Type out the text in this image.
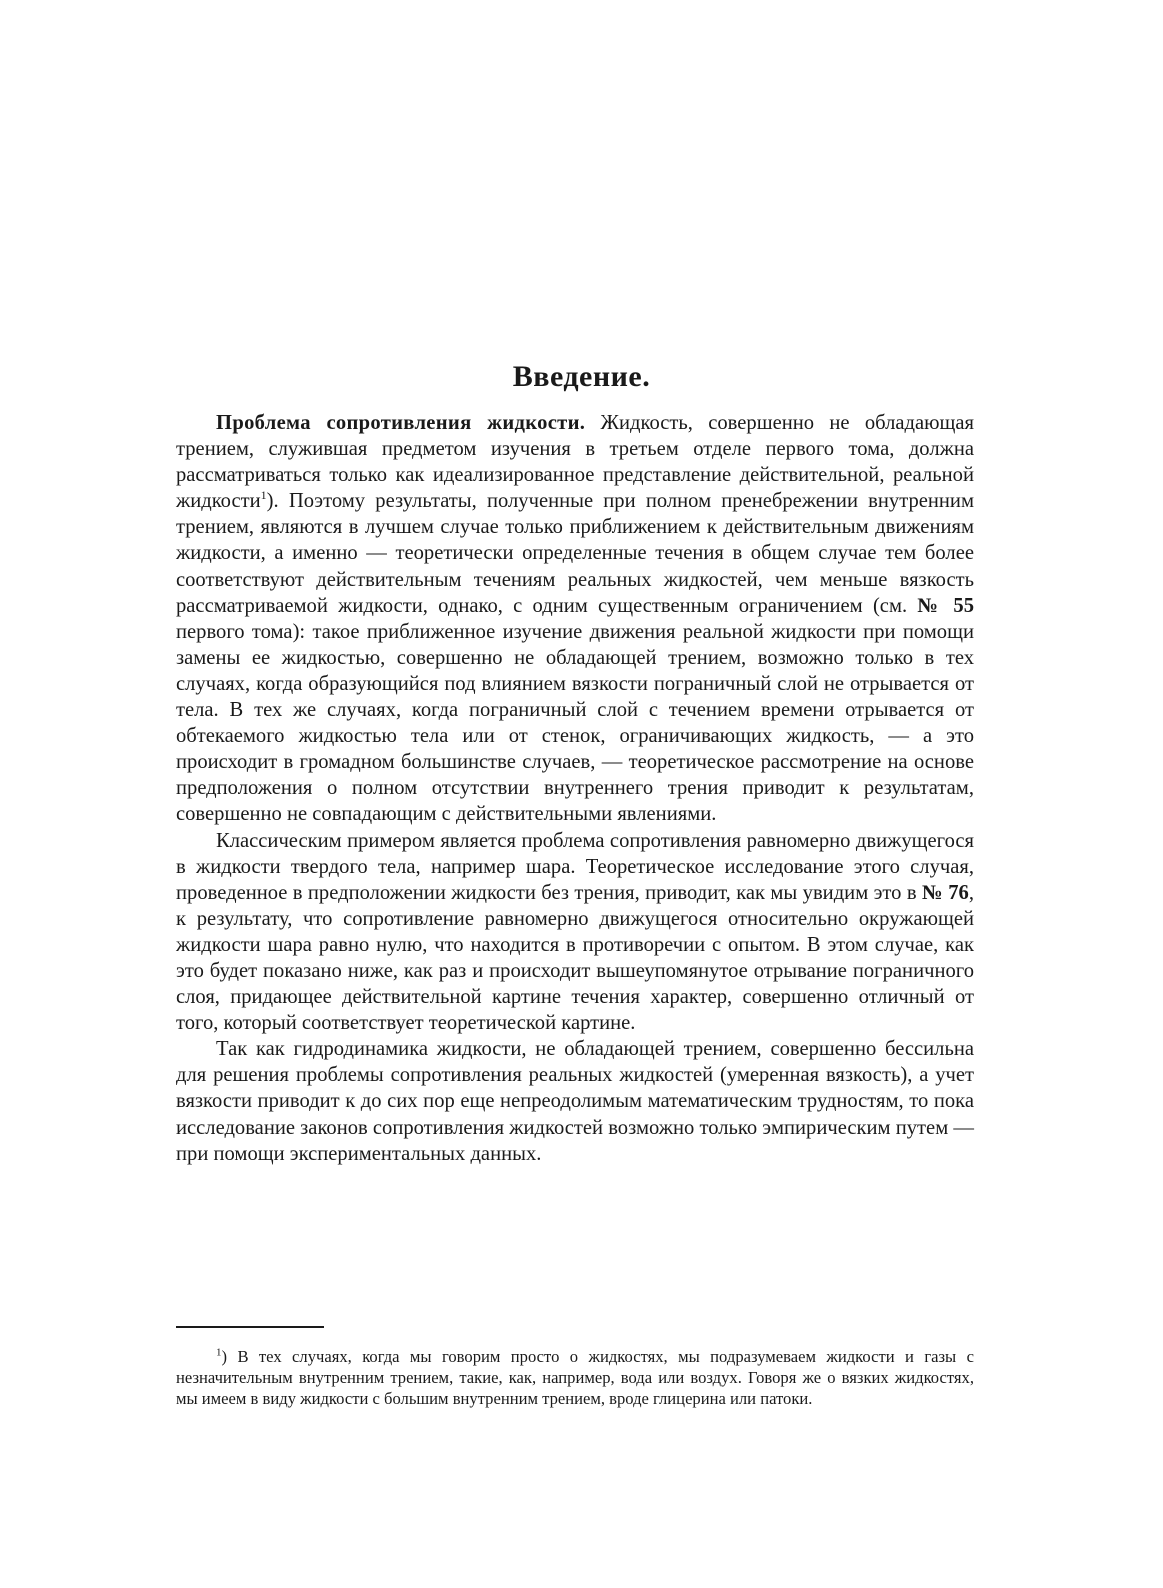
Введение.

Проблема сопротивления жидкости. Жидкость, совершенно не обладающая трением, служившая предметом изучения в третьем отделе первого тома, должна рассматриваться только как идеализированное представление действительной, реальной жидкости$^1$). Поэтому результаты, полученные при полном пренебрежении внутренним трением, являются в лучшем случае только приближением к действительным движениям жидкости, а именно — теоретически определенные течения в общем случае тем более соответствуют действительным течениям реальных жидкостей, чем меньше вязкость рассматриваемой жидкости, однако, с одним существенным ограничением (см. № 55 первого тома): такое приближенное изучение движения реальной жидкости при помощи замены ее жидкостью, совершенно не обладающей трением, возможно только в тех случаях, когда образующийся под влиянием вязкости пограничный слой не отрывается от тела. В тех же случаях, когда пограничный слой с течением времени отрывается от обтекаемого жидкостью тела или от стенок, ограничивающих жидкость, — а это происходит в громадном большинстве случаев, — теоретическое рассмотрение на основе предположения о полном отсутствии внутреннего трения приводит к результатам, совершенно не совпадающим с действительными явлениями.

Классическим примером является проблема сопротивления равномерно движущегося в жидкости твердого тела, например шара. Теоретическое исследование этого случая, проведенное в предположении жидкости без трения, приводит, как мы увидим это в № 76, к результату, что сопротивление равномерно движущегося относительно окружающей жидкости шара равно нулю, что находится в противоречии с опытом. В этом случае, как это будет показано ниже, как раз и происходит вышеупомянутое отрывание пограничного слоя, придающее действительной картине течения характер, совершенно отличный от того, который соответствует теоретической картине.

Так как гидродинамика жидкости, не обладающей трением, совершенно бессильна для решения проблемы сопротивления реальных жидкостей (умеренная вязкость), а учет вязкости приводит к до сих пор еще непреодолимым математическим трудностям, то пока исследование законов сопротивления жидкостей возможно только эмпирическим путем — при помощи экспериментальных данных.

$^1$) В тех случаях, когда мы говорим просто о жидкостях, мы подразумеваем жидкости и газы с незначительным внутренним трением, такие, как, например, вода или воздух. Говоря же о вязких жидкостях, мы имеем в виду жидкости с большим внутренним трением, вроде глицерина или патоки.
